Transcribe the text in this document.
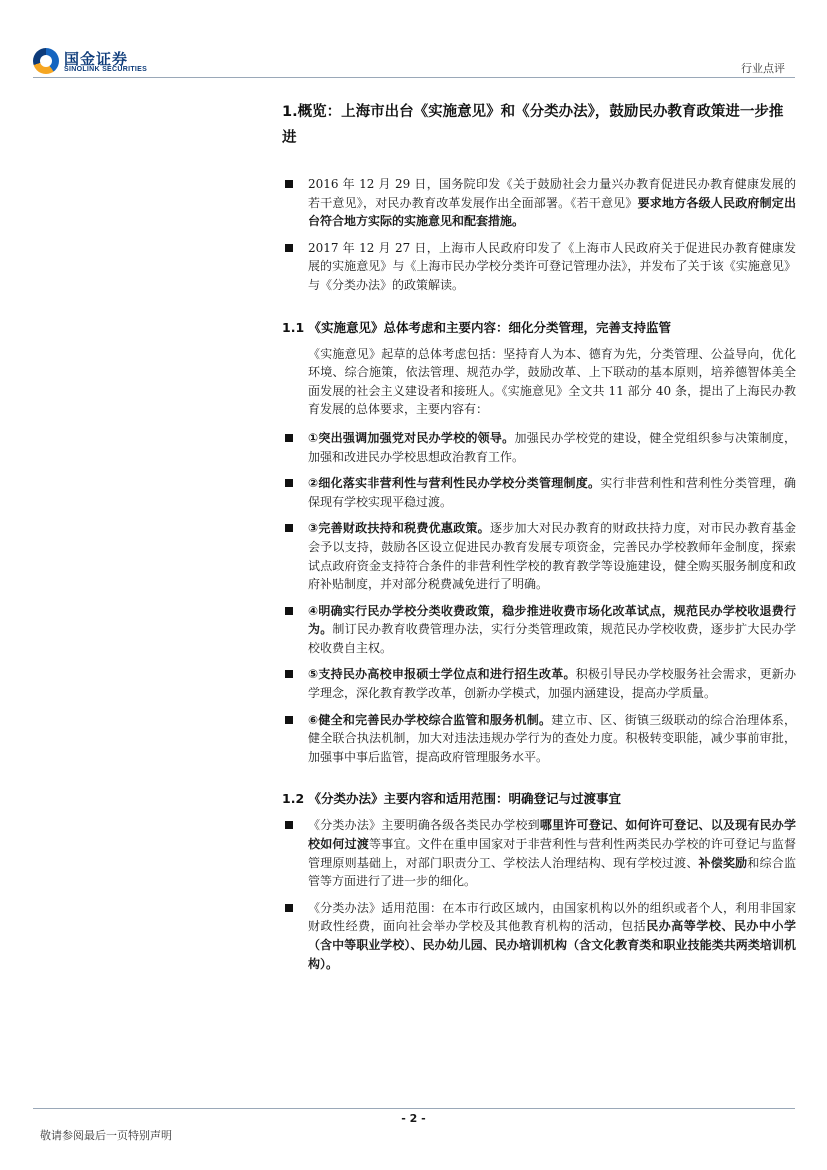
国金证券
SINOLINK SECURITIES	行业点评
1.概览：上海市出台《实施意见》和《分类办法》，鼓励民办教育政策进一步推进
2016 年 12 月 29 日，国务院印发《关于鼓励社会力量兴办教育促进民办教育健康发展的若干意见》，对民办教育改革发展作出全面部署。《若干意见》要求地方各级人民政府制定出台符合地方实际的实施意见和配套措施。
2017 年 12 月 27 日，上海市人民政府印发了《上海市人民政府关于促进民办教育健康发展的实施意见》与《上海市民办学校分类许可登记管理办法》，并发布了关于该《实施意见》与《分类办法》的政策解读。
1.1 《实施意见》总体考虑和主要内容：细化分类管理，完善支持监管

《实施意见》起草的总体考虑包括：坚持育人为本、德育为先，分类管理、公益导向，优化环境、综合施策，依法管理、规范办学，鼓励改革、上下联动的基本原则，培养德智体美全面发展的社会主义建设者和接班人。《实施意见》全文共 11 部分 40 条，提出了上海民办教育发展的总体要求，主要内容有：

①突出强调加强党对民办学校的领导。加强民办学校党的建设，健全党组织参与决策制度，加强和改进民办学校思想政治教育工作。
②细化落实非营利性与营利性民办学校分类管理制度。实行非营利性和营利性分类管理，确保现有学校实现平稳过渡。
③完善财政扶持和税费优惠政策。逐步加大对民办教育的财政扶持力度，对市民办教育基金会予以支持，鼓励各区设立促进民办教育发展专项资金，完善民办学校教师年金制度，探索试点政府资金支持符合条件的非营利性学校的教育教学等设施建设，健全购买服务制度和政府补贴制度，并对部分税费减免进行了明确。
④明确实行民办学校分类收费政策，稳步推进收费市场化改革试点，规范民办学校收退费行为。制订民办教育收费管理办法，实行分类管理政策，规范民办学校收费，逐步扩大民办学校收费自主权。
⑤支持民办高校申报硕士学位点和进行招生改革。积极引导民办学校服务社会需求，更新办学理念，深化教育教学改革，创新办学模式，加强内涵建设，提高办学质量。
⑥健全和完善民办学校综合监管和服务机制。建立市、区、街镇三级联动的综合治理体系，健全联合执法机制，加大对违法违规办学行为的查处力度。积极转变职能，减少事前审批，加强事中事后监管，提高政府管理服务水平。
1.2 《分类办法》主要内容和适用范围：明确登记与过渡事宜
《分类办法》主要明确各级各类民办学校到哪里许可登记、如何许可登记、以及现有民办学校如何过渡等事宜。文件在重申国家对于非营利性与营利性两类民办学校的许可登记与监督管理原则基础上，对部门职责分工、学校法人治理结构、现有学校过渡、补偿奖励和综合监管等方面进行了进一步的细化。
《分类办法》适用范围：在本市行政区域内，由国家机构以外的组织或者个人，利用非国家财政性经费，面向社会举办学校及其他教育机构的活动，包括民办高等学校、民办中小学（含中等职业学校）、民办幼儿园、民办培训机构（含文化教育类和职业技能类共两类培训机构）。
- 2 -
敬请参阅最后一页特别声明
